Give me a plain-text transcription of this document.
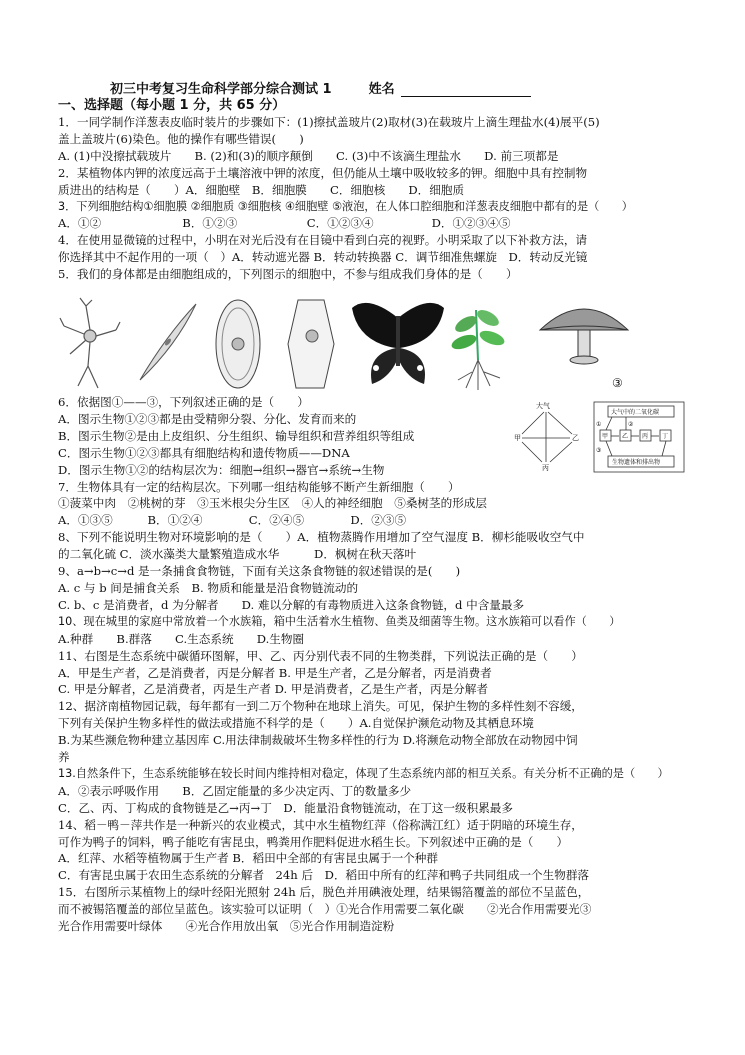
初三中考复习生命科学部分综合测试 1	姓名
一、选择题（每小题 1 分，共 65 分）

1．一同学制作洋葱表皮临时装片的步骤如下：(1)擦拭盖玻片(2)取材(3)在载玻片上滴生理盐水(4)展平(5)

盖上盖玻片(6)染色。他的操作有哪些错误(　　)

A. (1)中没擦拭载玻片　　B. (2)和(3)的顺序颠倒　　C. (3)中不该滴生理盐水　　D. 前三项都是

2．某植物体内钾的浓度远高于土壤溶液中钾的浓度，但仍能从土壤中吸收较多的钾。细胞中具有控制物

质进出的结构是（　　）A．细胞壁　B．细胞膜　　C．细胞核　　D．细胞质

3．下列细胞结构①细胞膜 ②细胞质 ③细胞核 ④细胞壁 ⑤液泡，在人体口腔细胞和洋葱表皮细胞中都有的是（　　）

A．①②　　　　　　　B．①②③　　　　　　C．①②③④　　　　　D．①②③④⑤

4．在使用显微镜的过程中，小明在对光后没有在目镜中看到白亮的视野。小明采取了以下补救方法，请

你选择其中不起作用的一项（　）A．转动遮光器 B．转动转换器 C．调节细准焦螺旋　D．转动反光镜

5．我们的身体都是由细胞组成的，下列图示的细胞中，不参与组成我们身体的是（　　）

③

6．依据图①——③，下列叙述正确的是（　　）

A．图示生物①②③都是由受精卵分裂、分化、发育而来的

B．图示生物②是由上皮组织、分生组织、输导组织和营养组织等组成

C．图示生物①②③都具有细胞结构和遗传物质——DNA

D．图示生物①②的结构层次为：细胞→组织→器官→系统→生物

7．生物体具有一定的结构层次。下列哪一组结构能够不断产生新细胞（　　）

①菠菜中肉　②桃树的芽　③玉米根尖分生区　④人的神经细胞　⑤桑树茎的形成层

A．①③⑤　　　B．①②④　　　　C．②④⑤　　　　D．②③⑤

8、下列不能说明生物对环境影响的是（　　）A．植物蒸腾作用增加了空气湿度 B．柳杉能吸收空气中

的二氧化硫 C．淡水藻类大量繁殖造成水华　　　D．枫树在秋天落叶

9、a→b→c→d 是一条捕食食物链，下面有关这条食物链的叙述错误的是(　　)

A. c 与 b 间是捕食关系　B. 物质和能量是沿食物链流动的

C. b、c 是消费者，d 为分解者　　D. 难以分解的有毒物质进入这条食物链，d 中含量最多

10、现在城里的家庭中常放着一个水族箱，箱中生活着水生植物、鱼类及细菌等生物。这水族箱可以看作（　　）

A.种群　　B.群落　　C.生态系统　　D.生物圈

11、右图是生态系统中碳循环图解，甲、乙、丙分别代表不同的生物类群，下列说法正确的是（　　）

A．甲是生产者，乙是消费者，丙是分解者 B. 甲是生产者，乙是分解者，丙是消费者

C. 甲是分解者，乙是消费者，丙是生产者 D. 甲是消费者，乙是生产者，丙是分解者

12、据济南植物园记载，每年都有一到二万个物种在地球上消失。可见，保护生物的多样性刻不容缓，

下列有关保护生物多样性的做法或措施不科学的是（　　）A.自觉保护濒危动物及其栖息环境

B.为某些濒危物种建立基因库 C.用法律制裁破坏生物多样性的行为 D.将濒危动物全部放在动物园中饲

养

13.自然条件下，生态系统能够在较长时间内维持相对稳定，体现了生态系统内部的相互关系。有关分析不正确的是（　　）

A．②表示呼吸作用　　B．乙固定能量的多少决定丙、丁的数量多少

C．乙、丙、丁构成的食物链是乙→丙→丁　D．能量沿食物链流动，在丁这一级积累最多

14、稻－鸭－萍共作是一种新兴的农业模式，其中水生植物红萍（俗称满江红）适于阴暗的环境生存，

可作为鸭子的饲料，鸭子能吃有害昆虫，鸭粪用作肥料促进水稻生长。下列叙述中正确的是（　　）

A．红萍、水稻等植物属于生产者 B．稻田中全部的有害昆虫属于一个种群

C．有害昆虫属于农田生态系统的分解者　24h 后　D．稻田中所有的红萍和鸭子共同组成一个生物群落

15．右图所示某植物上的绿叶经阳光照射 24h 后，脱色并用碘液处理，结果锡箔覆盖的部位不呈蓝色，

而不被锡箔覆盖的部位呈蓝色。该实验可以证明（　）①光合作用需要二氧化碳　　②光合作用需要光③

光合作用需要叶绿体　　④光合作用放出氧　⑤光合作用制造淀粉

大气
甲	乙
丙
大气中的二氧化碳
甲 乙 丙 丁
生物遗体和排出物
①	②
③
